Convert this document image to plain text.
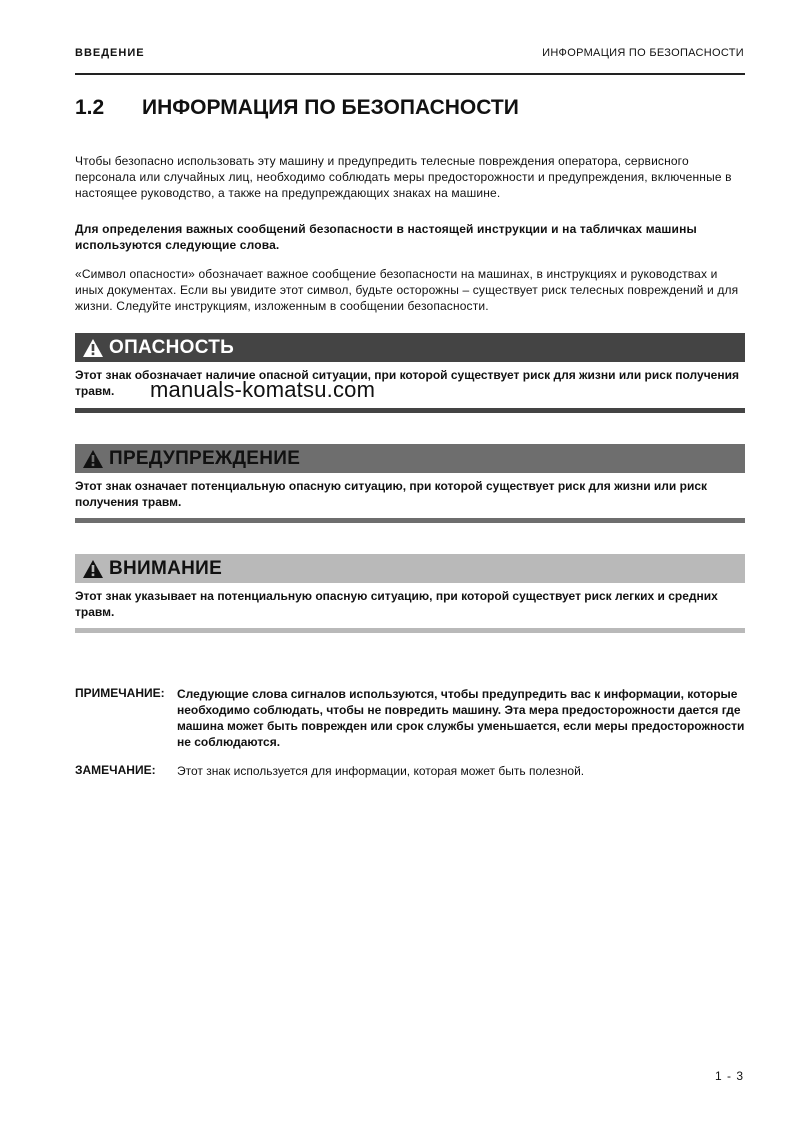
ВВЕДЕНИЕ	ИНФОРМАЦИЯ ПО БЕЗОПАСНОСТИ
1.2	ИНФОРМАЦИЯ ПО БЕЗОПАСНОСТИ
Чтобы безопасно использовать эту машину и предупредить телесные повреждения оператора, сервисного персонала или случайных лиц, необходимо соблюдать меры предосторожности и предупреждения, включенные в настоящее руководство, а также на предупреждающих знаках на машине.
Для определения важных сообщений безопасности в настоящей инструкции и на табличках машины используются следующие слова.
«Символ опасности» обозначает важное сообщение безопасности на машинах, в инструкциях и руководствах и иных документах. Если вы увидите этот символ, будьте осторожны – существует риск телесных повреждений и для жизни. Следуйте инструкциям, изложенным в сообщении безопасности.
ОПАСНОСТЬ
Этот знак обозначает наличие опасной ситуации, при которой существует риск для жизни или риск получения травм.	manuals-komatsu.com
ПРЕДУПРЕЖДЕНИЕ
Этот знак означает потенциальную опасную ситуацию, при которой существует риск для жизни или риск получения травм.
ВНИМАНИЕ
Этот знак указывает на потенциальную опасную ситуацию, при которой существует риск легких и средних травм.
ПРИМЕЧАНИЕ: Следующие слова сигналов используются, чтобы предупредить вас к информации, которые необходимо соблюдать, чтобы не повредить машину. Эта мера предосторожности дается где машина может быть поврежден или срок службы уменьшается, если меры предосторожности не соблюдаются.
ЗАМЕЧАНИЕ: Этот знак используется для информации, которая может быть полезной.
1 - 3
